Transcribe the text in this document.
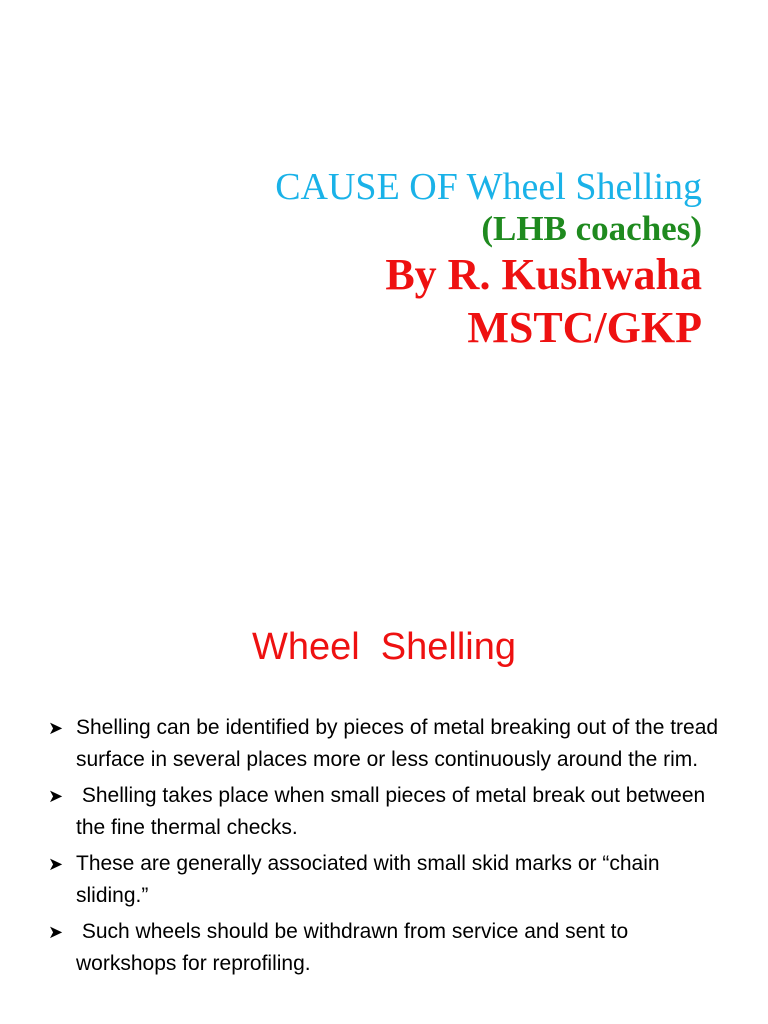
CAUSE OF Wheel Shelling
(LHB coaches)
By R. Kushwaha
MSTC/GKP
Wheel  Shelling
➤ Shelling can be identified by pieces of metal breaking out of the tread surface in several places more or less continuously around the rim.
➤ Shelling takes place when small pieces of metal break out between the fine thermal checks.
➤ These are generally associated with small skid marks or “chain sliding.”
➤ Such wheels should be withdrawn from service and sent to workshops for reprofiling.
